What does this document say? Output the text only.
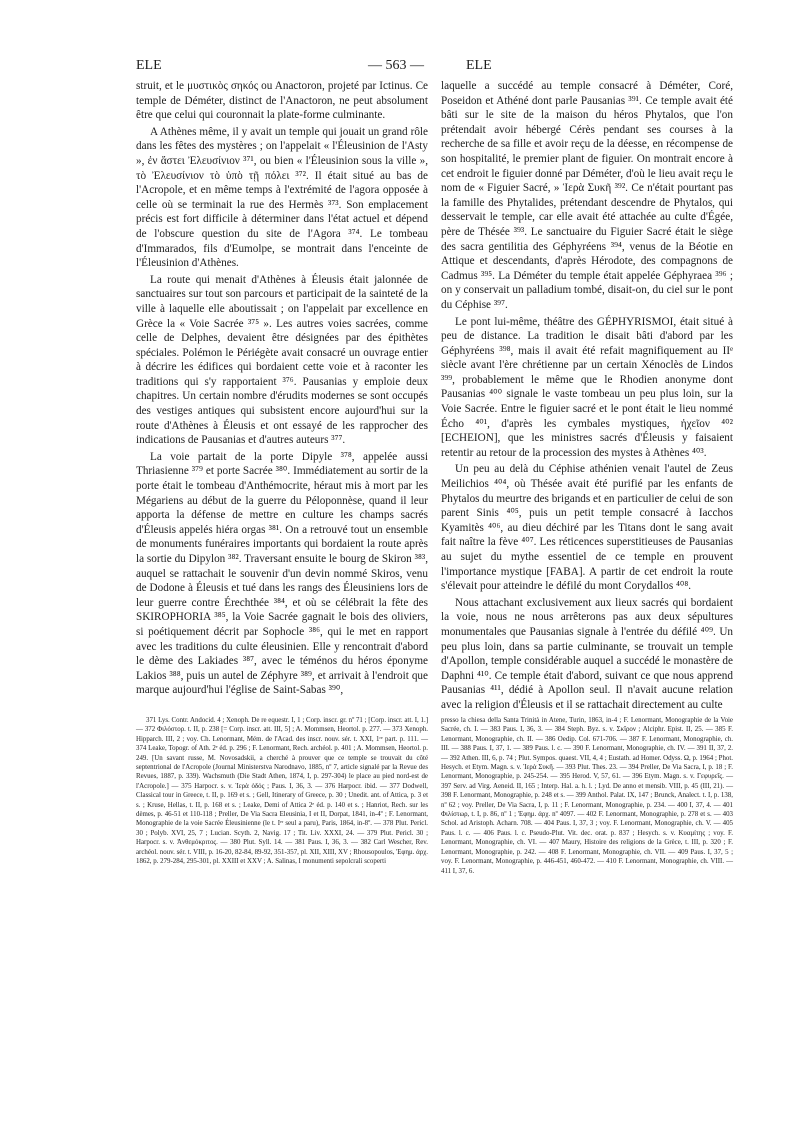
ELE	— 563 —	ELE

struit, et le μυστικὸς σηκός ou Anactoron, projeté par Ictinus. Ce temple de Déméter, distinct de l'Anactoron, ne peut absolument être que celui qui couronnait la plate-forme culminante.

A Athènes même, il y avait un temple qui jouait un grand rôle dans les fêtes des mystères ; on l'appelait « l'Éleusinion de l'Asty », ἐν ἄστει Ἐλευσίνιον ³⁷¹, ou bien « l'Éleusinion sous la ville », τὸ Ἐλευσίνιον τὸ ὑπὸ τῇ πόλει ³⁷². Il était situé au bas de l'Acropole, et en même temps à l'extrémité de l'agora opposée à celle où se terminait la rue des Hermès ³⁷³. Son emplacement précis est fort difficile à déterminer dans l'état actuel et dépend de l'obscure question du site de l'Agora ³⁷⁴. Le tombeau d'Immarados, fils d'Eumolpe, se montrait dans l'enceinte de l'Éleusinion d'Athènes.

La route qui menait d'Athènes à Éleusis était jalonnée de sanctuaires sur tout son parcours et participait de la sainteté de la ville à laquelle elle aboutissait ; on l'appelait par excellence en Grèce la « Voie Sacrée ³⁷⁵ ». Les autres voies sacrées, comme celle de Delphes, devaient être désignées par des épithètes spéciales. Polémon le Périégète avait consacré un ouvrage entier à décrire les édifices qui bordaient cette voie et à raconter les traditions qui s'y rapportaient ³⁷⁶. Pausanias y emploie deux chapitres. Un certain nombre d'érudits modernes se sont occupés des vestiges antiques qui subsistent encore aujourd'hui sur la route d'Athènes à Éleusis et ont essayé de les rapprocher des indications de Pausanias et d'autres auteurs ³⁷⁷.

La voie partait de la porte Dipyle ³⁷⁸, appelée aussi Thriasienne ³⁷⁹ et porte Sacrée ³⁸⁰. Immédiatement au sortir de la porte était le tombeau d'Anthémocrite, héraut mis à mort par les Mégariens au début de la guerre du Péloponnèse, quand il leur apporta la défense de mettre en culture les champs sacrés d'Éleusis appelés hiéra orgas ³⁸¹. On a retrouvé tout un ensemble de monuments funéraires importants qui bordaient la route après la sortie du Dipylon ³⁸². Traversant ensuite le bourg de Skiron ³⁸³, auquel se rattachait le souvenir d'un devin nommé Skiros, venu de Dodone à Éleusis et tué dans les rangs des Éleusiniens lors de leur guerre contre Érechthée ³⁸⁴, et où se célébrait la fête des SKIROPHORIA ³⁸⁵, la Voie Sacrée gagnait le bois des oliviers, si poétiquement décrit par Sophocle ³⁸⁶, qui le met en rapport avec les traditions du culte éleusinien. Elle y rencontrait d'abord le dème des Lakiades ³⁸⁷, avec le téménos du héros éponyme Lakios ³⁸⁸, puis un autel de Zéphyre ³⁸⁹, et arrivait à l'endroit que marque aujourd'hui l'église de Saint-Sabas ³⁹⁰,

laquelle a succédé au temple consacré à Déméter, Coré, Poseidon et Athéné dont parle Pausanias ³⁹¹. Ce temple avait été bâti sur le site de la maison du héros Phytalos, que l'on prétendait avoir hébergé Cérès pendant ses courses à la recherche de sa fille et avoir reçu de la déesse, en récompense de son hospitalité, le premier plant de figuier. On montrait encore à cet endroit le figuier donné par Déméter, d'où le lieu avait reçu le nom de « Figuier Sacré, » Ἱερὰ Συκῆ ³⁹². Ce n'était pourtant pas la famille des Phytalides, prétendant descendre de Phytalos, qui desservait le temple, car elle avait été attachée au culte d'Égée, père de Thésée ³⁹³. Le sanctuaire du Figuier Sacré était le siège des sacra gentilitia des Géphyréens ³⁹⁴, venus de la Béotie en Attique et descendants, d'après Hérodote, des compagnons de Cadmus ³⁹⁵. La Déméter du temple était appelée Géphyraea ³⁹⁶ ; on y conservait un palladium tombé, disait-on, du ciel sur le pont du Céphise ³⁹⁷.

Le pont lui-même, théâtre des GÉPHYRISMOI, était situé à peu de distance. La tradition le disait bâti d'abord par les Géphyréens ³⁹⁸, mais il avait été refait magnifiquement au IIᵉ siècle avant l'ère chrétienne par un certain Xénoclès de Lindos ³⁹⁹, probablement le même que le Rhodien anonyme dont Pausanias ⁴⁰⁰ signale le vaste tombeau un peu plus loin, sur la Voie Sacrée. Entre le figuier sacré et le pont était le lieu nommé Écho ⁴⁰¹, d'après les cymbales mystiques, ἠχεῖον ⁴⁰² [ECHEION], que les ministres sacrés d'Éleusis y faisaient retentir au retour de la procession des mystes à Athènes ⁴⁰³.

Un peu au delà du Céphise athénien venait l'autel de Zeus Meilichios ⁴⁰⁴, où Thésée avait été purifié par les enfants de Phytalos du meurtre des brigands et en particulier de celui de son parent Sinis ⁴⁰⁵, puis un petit temple consacré à Iacchos Kyamitès ⁴⁰⁶, au dieu déchiré par les Titans dont le sang avait fait naître la fève ⁴⁰⁷. Les réticences superstitieuses de Pausanias au sujet du mythe essentiel de ce temple en prouvent l'importance mystique [FABA]. A partir de cet endroit la route s'élevait pour atteindre le défilé du mont Corydallos ⁴⁰⁸.

Nous attachant exclusivement aux lieux sacrés qui bordaient la voie, nous ne nous arrêterons pas aux deux sépultures monumentales que Pausanias signale à l'entrée du défilé ⁴⁰⁹. Un peu plus loin, dans sa partie culminante, se trouvait un temple d'Apollon, temple considérable auquel a succédé le monastère de Daphni ⁴¹⁰. Ce temple était d'abord, suivant ce que nous apprend Pausanias ⁴¹¹, dédié à Apollon seul. Il n'avait aucune relation avec la religion d'Éleusis et il se rattachait directement au culte

371 Lys. Contr. Andocid. 4 ; Xenoph. De re equestr. I, 1 ; Corp. inscr. gr. nº 71 ; [Corp. inscr. att. I, 1.] — 372 Φιλόστορ. t. II, p. 238 [= Corp. inscr. att. III, 5] ; A. Mommsen, Heortol. p. 277. — 373 Xenoph. Hipparch. III, 2 ; voy. Ch. Lenormant, Mém. de l'Acad. des inscr. nouv. sér. t. XXI, 1ʳᵉ part. p. 111. — 374 Leake, Topogr. of Ath. 2ᵉ éd. p. 296 ; F. Lenormant, Rech. archéol. p. 401 ; A. Mommsen, Heortol. p. 249. [Un savant russe, M. Novosadskii, a cherché à prouver que ce temple se trouvait du côté septentrional de l'Acropole (Journal Ministerstva Narodnavo, 1885, nº 7, article signalé par la Revue des Revues, 1887, p. 339). Wachsmuth (Die Stadt Athen, 1874, I, p. 297-304) le place au pied nord-est de l'Acropole.] — 375 Harpocr. s. v. Ἱερὰ ὁδός ; Paus. I, 36, 3. — 376 Harpocr. ibid. — 377 Dodwell, Classical tour in Greece, t. II, p. 169 et s. ; Gell, Itinerary of Greece, p. 30 ; Unedit. ant. of Attica, p. 3 et s. ; Kruse, Hellas, t. II, p. 168 et s. ; Leake, Demi of Attica 2ᵉ éd. p. 140 et s. ; Hanriot, Rech. sur les dèmes, p. 46-51 et 110-118 ; Preller, De Via Sacra Eleusinia, I et II, Dorpat, 1841, in-4º ; F. Lenormant, Monographie de la voie Sacrée Éleusinienne (le t. Iᵉʳ seul a paru), Paris, 1864, in-8º. — 378 Plut. Pericl. 30 ; Polyb. XVI, 25, 7 ; Lucian. Scyth. 2, Navig. 17 ; Tit. Liv. XXXI, 24. — 379 Plut. Pericl. 30 ; Harpocr. s. v. Ἀνθεμόκριτος. — 380 Plut. Syll. 14. — 381 Paus. I, 36, 3. — 382 Carl Wescher, Rev. archéol. nouv. sér. t. VIII, p. 16-20, 82-84, 89-92, 351-357, pl. XII, XIII, XV ; Rhousopoulos, Ἐφημ. ἀρχ. 1862, p. 279-284, 295-301, pl. XXIII et XXV ; A. Salinas, I monumenti sepolcrali scoperti

presso la chiesa della Santa Trinità in Atene, Turin, 1863, in-4 ; F. Lenormant, Monographie de la Voie Sacrée, ch. I. — 383 Paus. I, 36, 3. — 384 Steph. Byz. s. v. Σκῖρον ; Alciphr. Epist. II, 25. — 385 F. Lenormant, Monographie, ch. II. — 386 Oedip. Col. 671-706. — 387 F. Lenormant, Monographie, ch. III. — 388 Paus. I, 37, 1. — 389 Paus. l. c. — 390 F. Lenormant, Monographie, ch. IV. — 391 II, 37, 2. — 392 Athen. III, 6, p. 74 ; Plut. Sympos. quaest. VII, 4, 4 ; Eustath. ad Homer. Odyss. Ω, p. 1964 ; Phot. Hesych. et Etym. Magn. s. v. Ἱερὰ Συκῆ. — 393 Plut. Thes. 23. — 394 Preller, De Via Sacra, I, p. 18 ; F. Lenormant, Monographie, p. 245-254. — 395 Herod. V, 57, 61. — 396 Etym. Magn. s. v. Γεφυρεῖς. — 397 Serv. ad Virg. Aeneid. II, 165 ; Interp. Hal. a. h. l. ; Lyd. De anno et mensib. VIII, p. 45 (III, 21). — 398 F. Lenormant, Monographie, p. 248 et s. — 399 Anthol. Palat. IX, 147 ; Brunck, Analect. t. I, p. 138, nº 62 ; voy. Preller, De Via Sacra, I, p. 11 ; F. Lenormant, Monographie, p. 234. — 400 I, 37, 4. — 401 Φιλίστωρ, t. I, p. 86, nº 1 ; Ἐφημ. ἀρχ. nº 4097. — 402 F. Lenormant, Monographie, p. 278 et s. — 403 Schol. ad Aristoph. Acharn. 708. — 404 Paus. I, 37, 3 ; voy. F. Lenormant, Monographie, ch. V. — 405 Paus. l. c. — 406 Paus. l. c. Pseudo-Plut. Vit. dec. orat. p. 837 ; Hesych. s. v. Κυαμίτης ; voy. F. Lenormant, Monographie, ch. VI. — 407 Maury, Histoire des religions de la Grèce, t. III, p. 320 ; F. Lenormant, Monographie, p. 242. — 408 F. Lenormant, Monographie, ch. VII. — 409 Paus. I, 37, 5 ; voy. F. Lenormant, Monographie, p. 446-451, 460-472. — 410 F. Lenormant, Monographie, ch. VIII. — 411 I, 37, 6.
